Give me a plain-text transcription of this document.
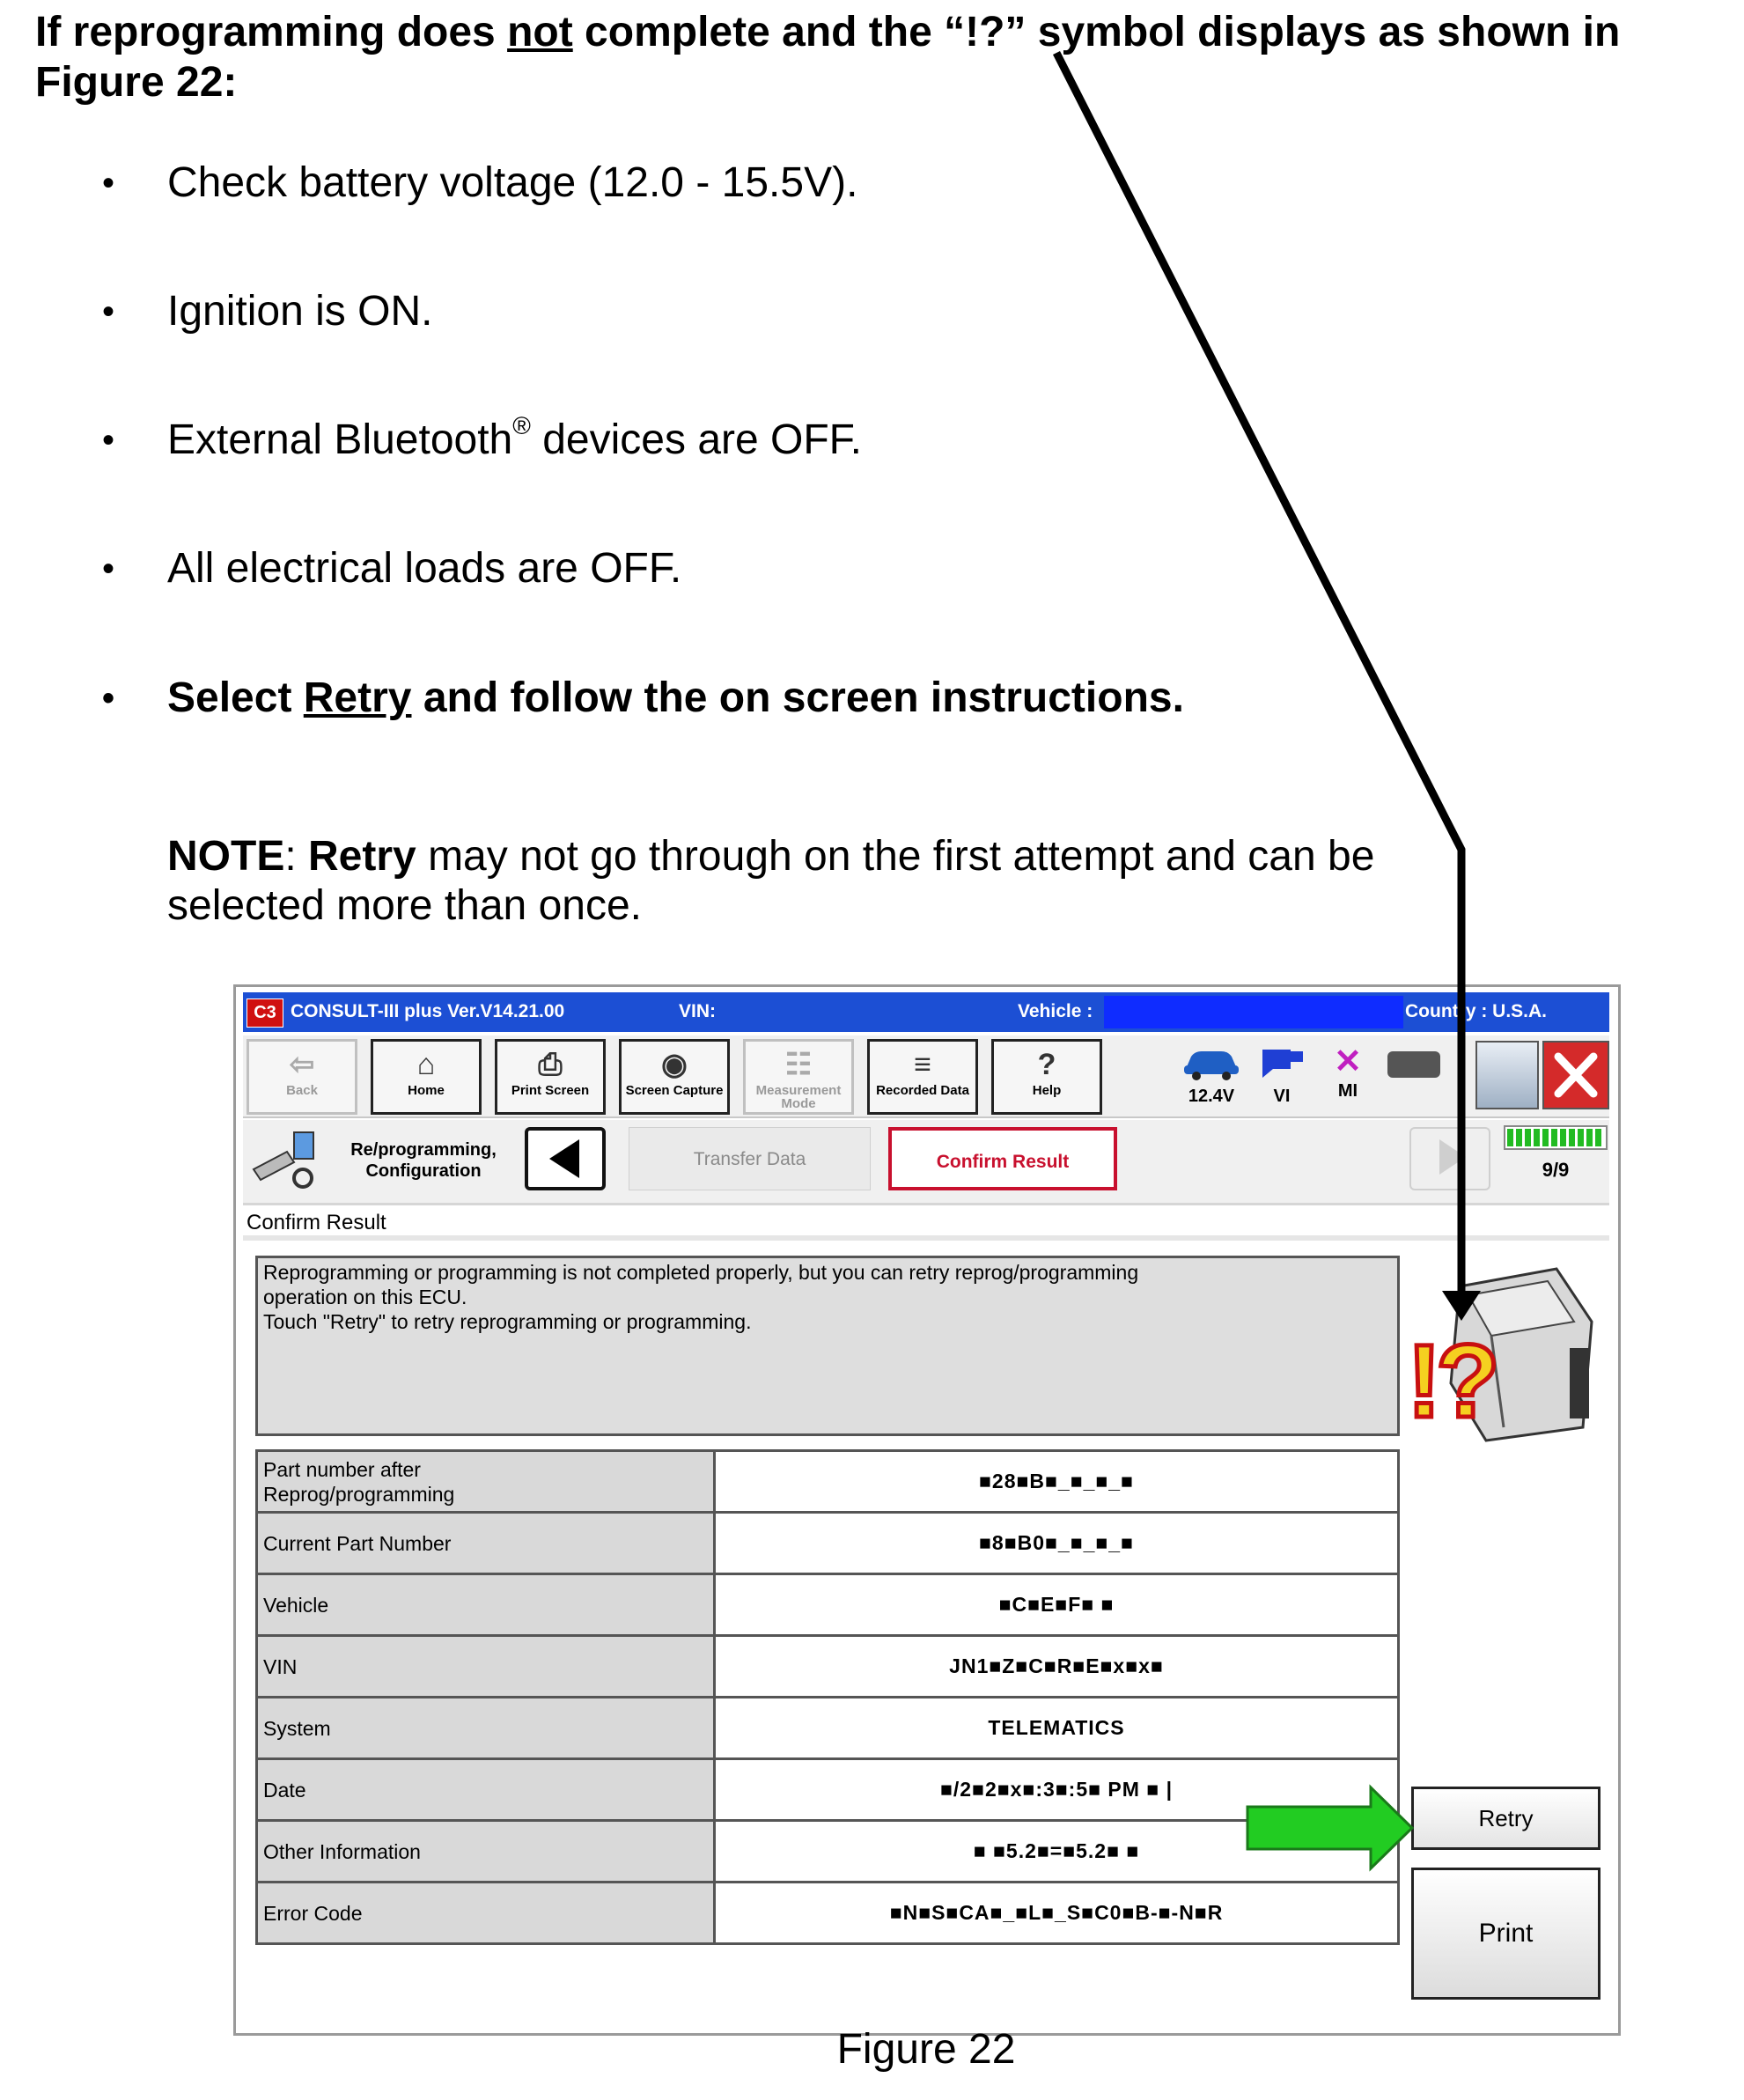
If reprogramming does not complete and the “!?” symbol displays as shown in Figure 22:
• Check battery voltage (12.0 - 15.5V).
• Ignition is ON.
• External Bluetooth® devices are OFF.
• All electrical loads are OFF.
• Select Retry and follow the on screen instructions.
NOTE: Retry may not go through on the first attempt and can be
selected more than once.
C3 CONSULT-III plus Ver.V14.21.00	VIN:	Vehicle :	Country : U.S.A.
⇦
Back
⌂
Home
⎙
Print Screen
◉
Screen Capture
☷
Measurement Mode
≡
Recorded Data
?
Help	12.4V	VI
✕
MI
Re/programming,
Configuration
Transfer Data	Confirm Result	9/9
Confirm Result
Reprogramming or programming is not completed properly, but you can retry reprog/programming
operation on this ECU.
Touch "Retry" to retry reprogramming or programming.
!?
Part number after Reprog/programming	■28■B■_■_■_■
Current Part Number	■8■B0■_■_■_■
Vehicle	■C■E■F■ ■
VIN	JN1■Z■C■R■E■x■x■
System	TELEMATICS
Date	■/2■2■x■:3■:5■ PM ■ |
Other Information	■ ■5.2■=■5.2■ ■
Error Code	■N■S■CA■_■L■_S■C0■B-■-N■R
Retry
Print
Figure 22
